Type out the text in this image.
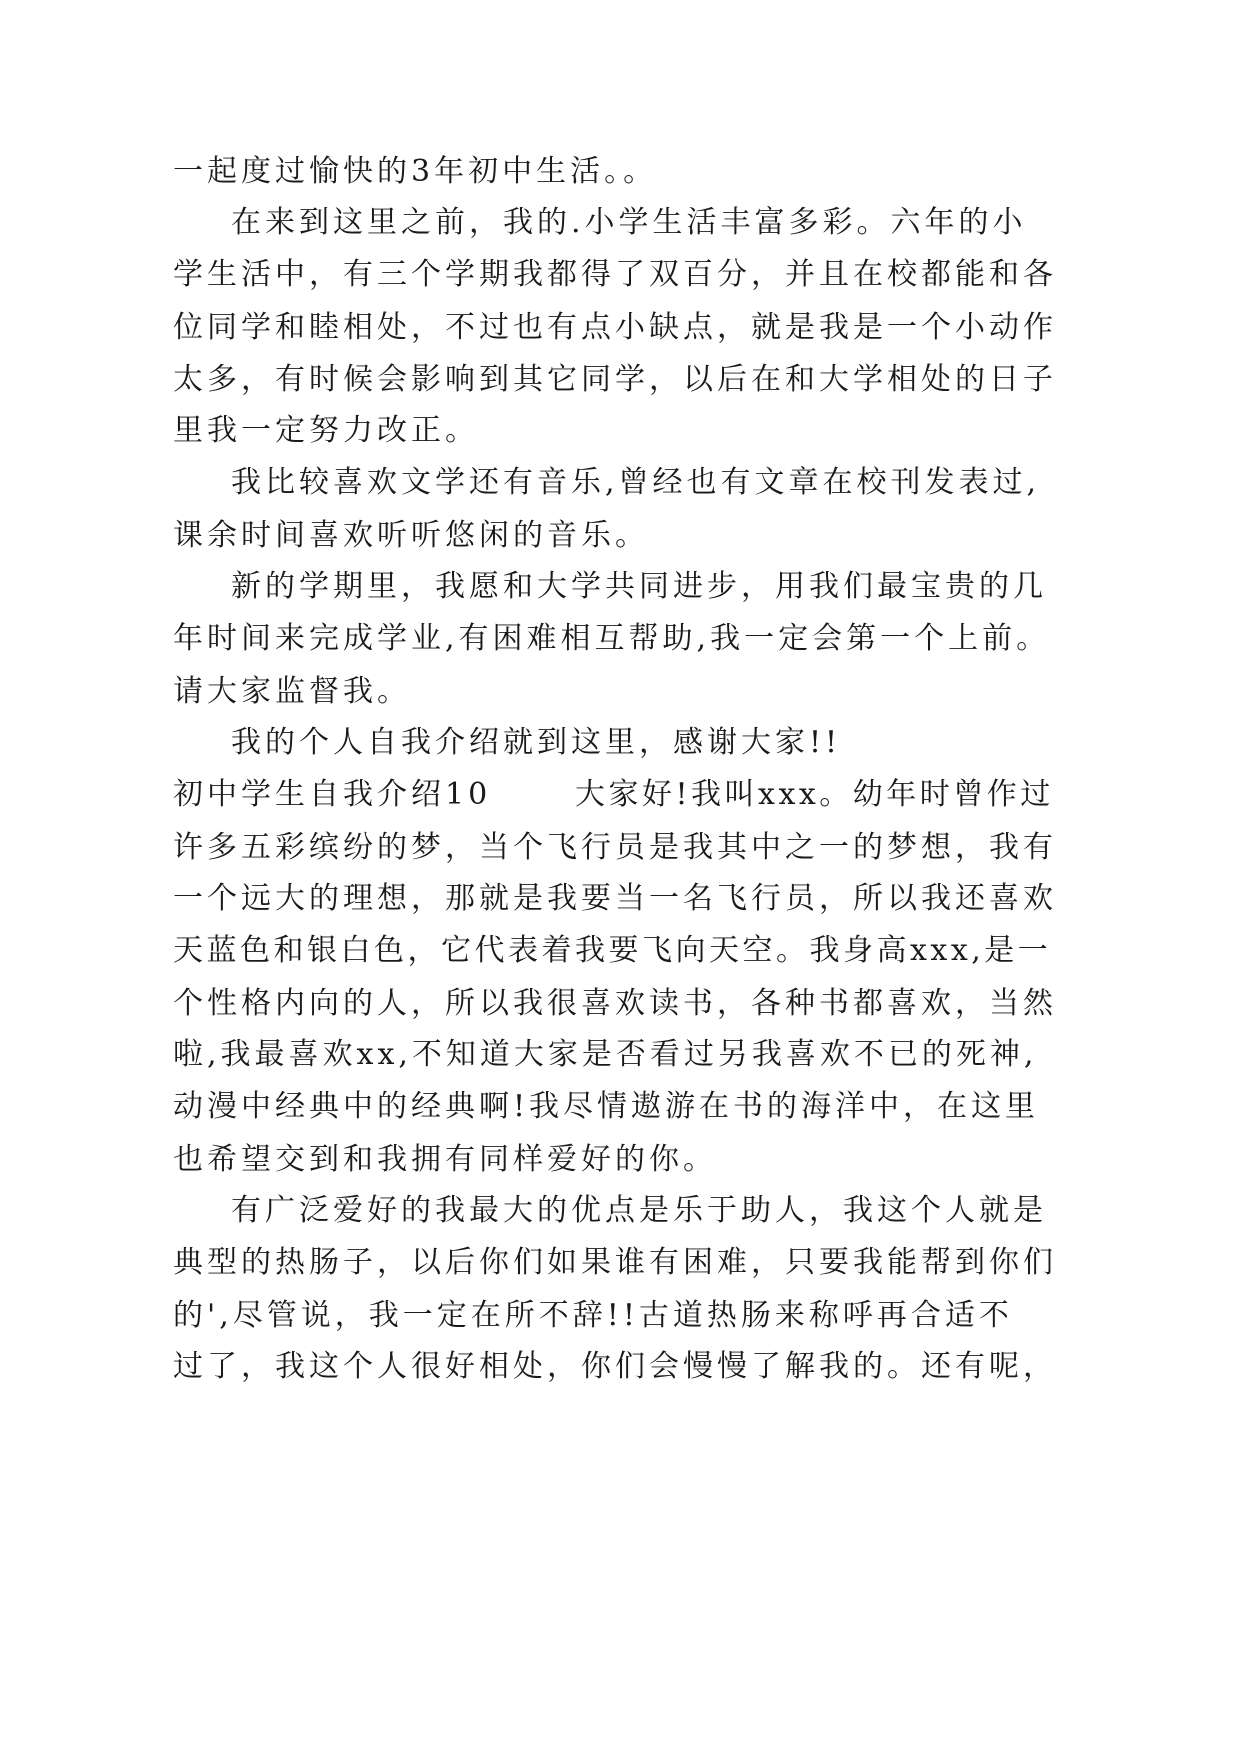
一起度过愉快的3年初中生活。。
在来到这里之前，我的.小学生活丰富多彩。六年的小
学生活中，有三个学期我都得了双百分，并且在校都能和各
位同学和睦相处，不过也有点小缺点，就是我是一个小动作
太多，有时候会影响到其它同学，以后在和大学相处的日子
里我一定努力改正。
我比较喜欢文学还有音乐,曾经也有文章在校刊发表过,
课余时间喜欢听听悠闲的音乐。
新的学期里，我愿和大学共同进步，用我们最宝贵的几
年时间来完成学业,有困难相互帮助,我一定会第一个上前。
请大家监督我。
我的个人自我介绍就到这里，感谢大家!!
初中学生自我介绍10	大家好!我叫xxx。幼年时曾作过
许多五彩缤纷的梦，当个飞行员是我其中之一的梦想，我有
一个远大的理想，那就是我要当一名飞行员，所以我还喜欢
天蓝色和银白色，它代表着我要飞向天空。我身高xxx,是一
个性格内向的人，所以我很喜欢读书，各种书都喜欢，当然
啦,我最喜欢xx,不知道大家是否看过另我喜欢不已的死神,
动漫中经典中的经典啊!我尽情遨游在书的海洋中，在这里
也希望交到和我拥有同样爱好的你。
有广泛爱好的我最大的优点是乐于助人，我这个人就是
典型的热肠子，以后你们如果谁有困难，只要我能帮到你们
的',尽管说，我一定在所不辞!!古道热肠来称呼再合适不
过了，我这个人很好相处，你们会慢慢了解我的。还有呢，
